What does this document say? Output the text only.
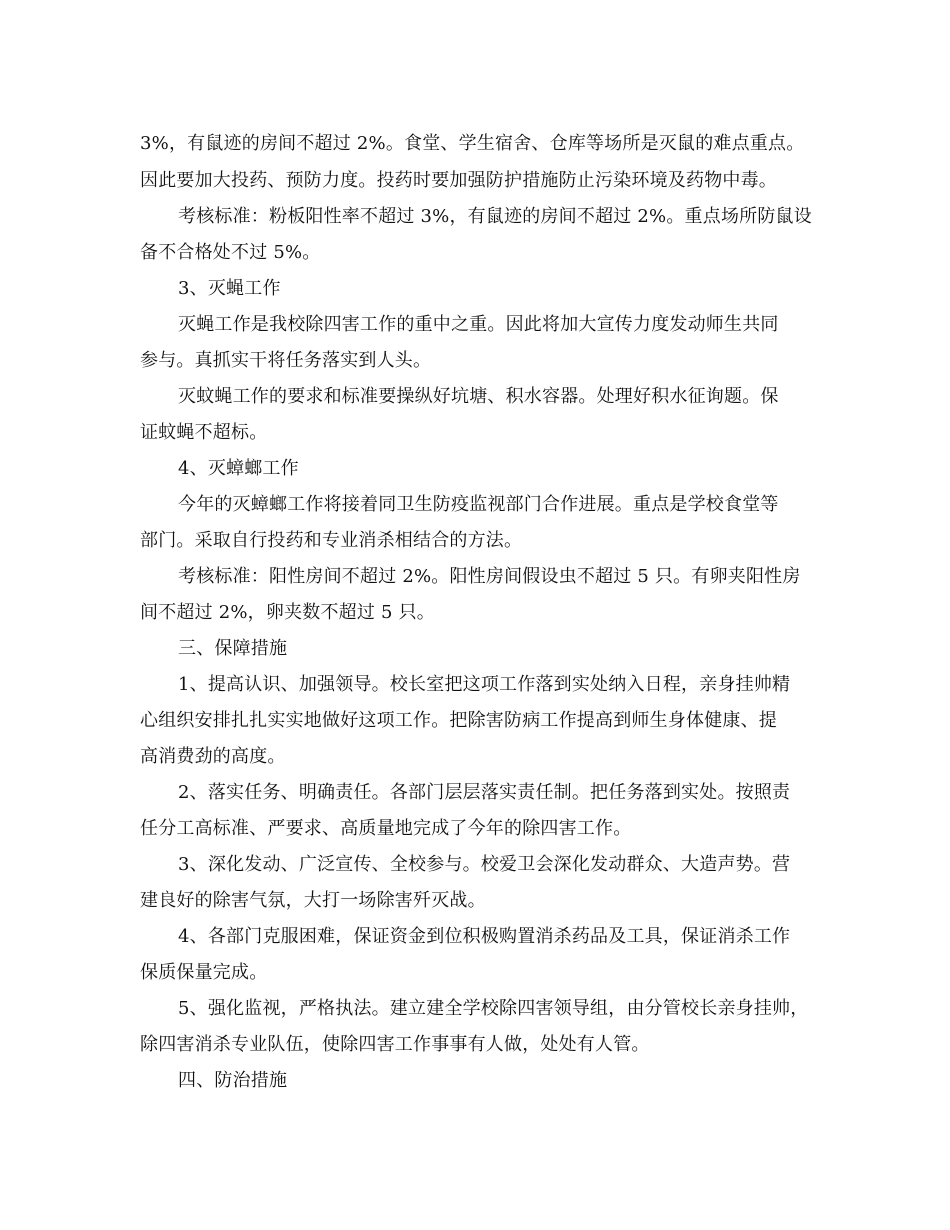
3%，有鼠迹的房间不超过 2%。食堂、学生宿舍、仓库等场所是灭鼠的难点重点。
因此要加大投药、预防力度。投药时要加强防护措施防止污染环境及药物中毒。
考核标准：粉板阳性率不超过 3%，有鼠迹的房间不超过 2%。重点场所防鼠设
备不合格处不过 5%。
3、灭蝇工作
灭蝇工作是我校除四害工作的重中之重。因此将加大宣传力度发动师生共同
参与。真抓实干将任务落实到人头。
灭蚊蝇工作的要求和标准要操纵好坑塘、积水容器。处理好积水征询题。保
证蚊蝇不超标。
4、灭蟑螂工作
今年的灭蟑螂工作将接着同卫生防疫监视部门合作进展。重点是学校食堂等
部门。采取自行投药和专业消杀相结合的方法。
考核标准：阳性房间不超过 2%。阳性房间假设虫不超过 5 只。有卵夹阳性房
间不超过 2%，卵夹数不超过 5 只。
三、保障措施
1、提高认识、加强领导。校长室把这项工作落到实处纳入日程，亲身挂帅精
心组织安排扎扎实实地做好这项工作。把除害防病工作提高到师生身体健康、提
高消费劲的高度。
2、落实任务、明确责任。各部门层层落实责任制。把任务落到实处。按照责
任分工高标准、严要求、高质量地完成了今年的除四害工作。
3、深化发动、广泛宣传、全校参与。校爱卫会深化发动群众、大造声势。营
建良好的除害气氛，大打一场除害歼灭战。
4、各部门克服困难，保证资金到位积极购置消杀药品及工具，保证消杀工作
保质保量完成。
5、强化监视，严格执法。建立建全学校除四害领导组，由分管校长亲身挂帅，
除四害消杀专业队伍，使除四害工作事事有人做，处处有人管。
四、防治措施
